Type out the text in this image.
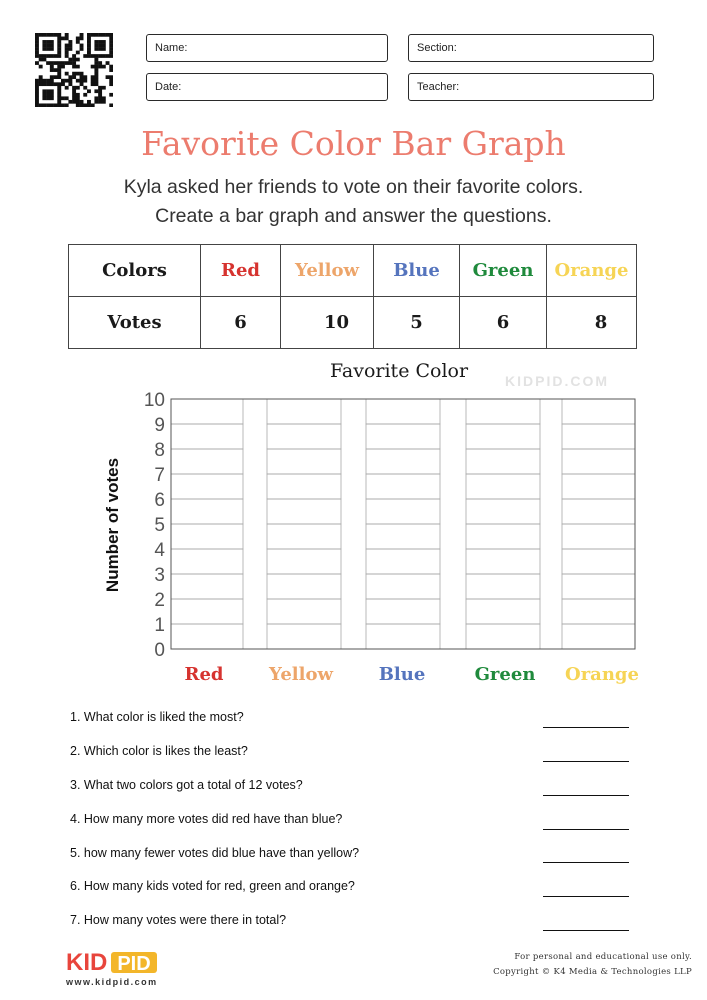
Name:	Section:
Date:	Teacher:
Favorite Color Bar Graph
Kyla asked her friends to vote on their favorite colors.
Create a bar graph and answer the questions.
Colors	Red	Yellow	Blue	Green	Orange
Votes	6	10	5	6	8
Favorite Color	KIDPID.COM
Number of votes
0
1
2
3
4
5
6
7
8
9
10
Red	Yellow	Blue	Green Orange
1. What color is liked the most?
2. Which color is likes the least?
3. What two colors got a total of 12 votes?
4. How many more votes did red have than blue?
5. how many fewer votes did blue have than yellow?
6. How many kids voted for red, green and orange?
7. How many votes were there in total?
KID PID
www.kidpid.com
For personal and educational use only.
Copyright © K4 Media & Technologies LLP
